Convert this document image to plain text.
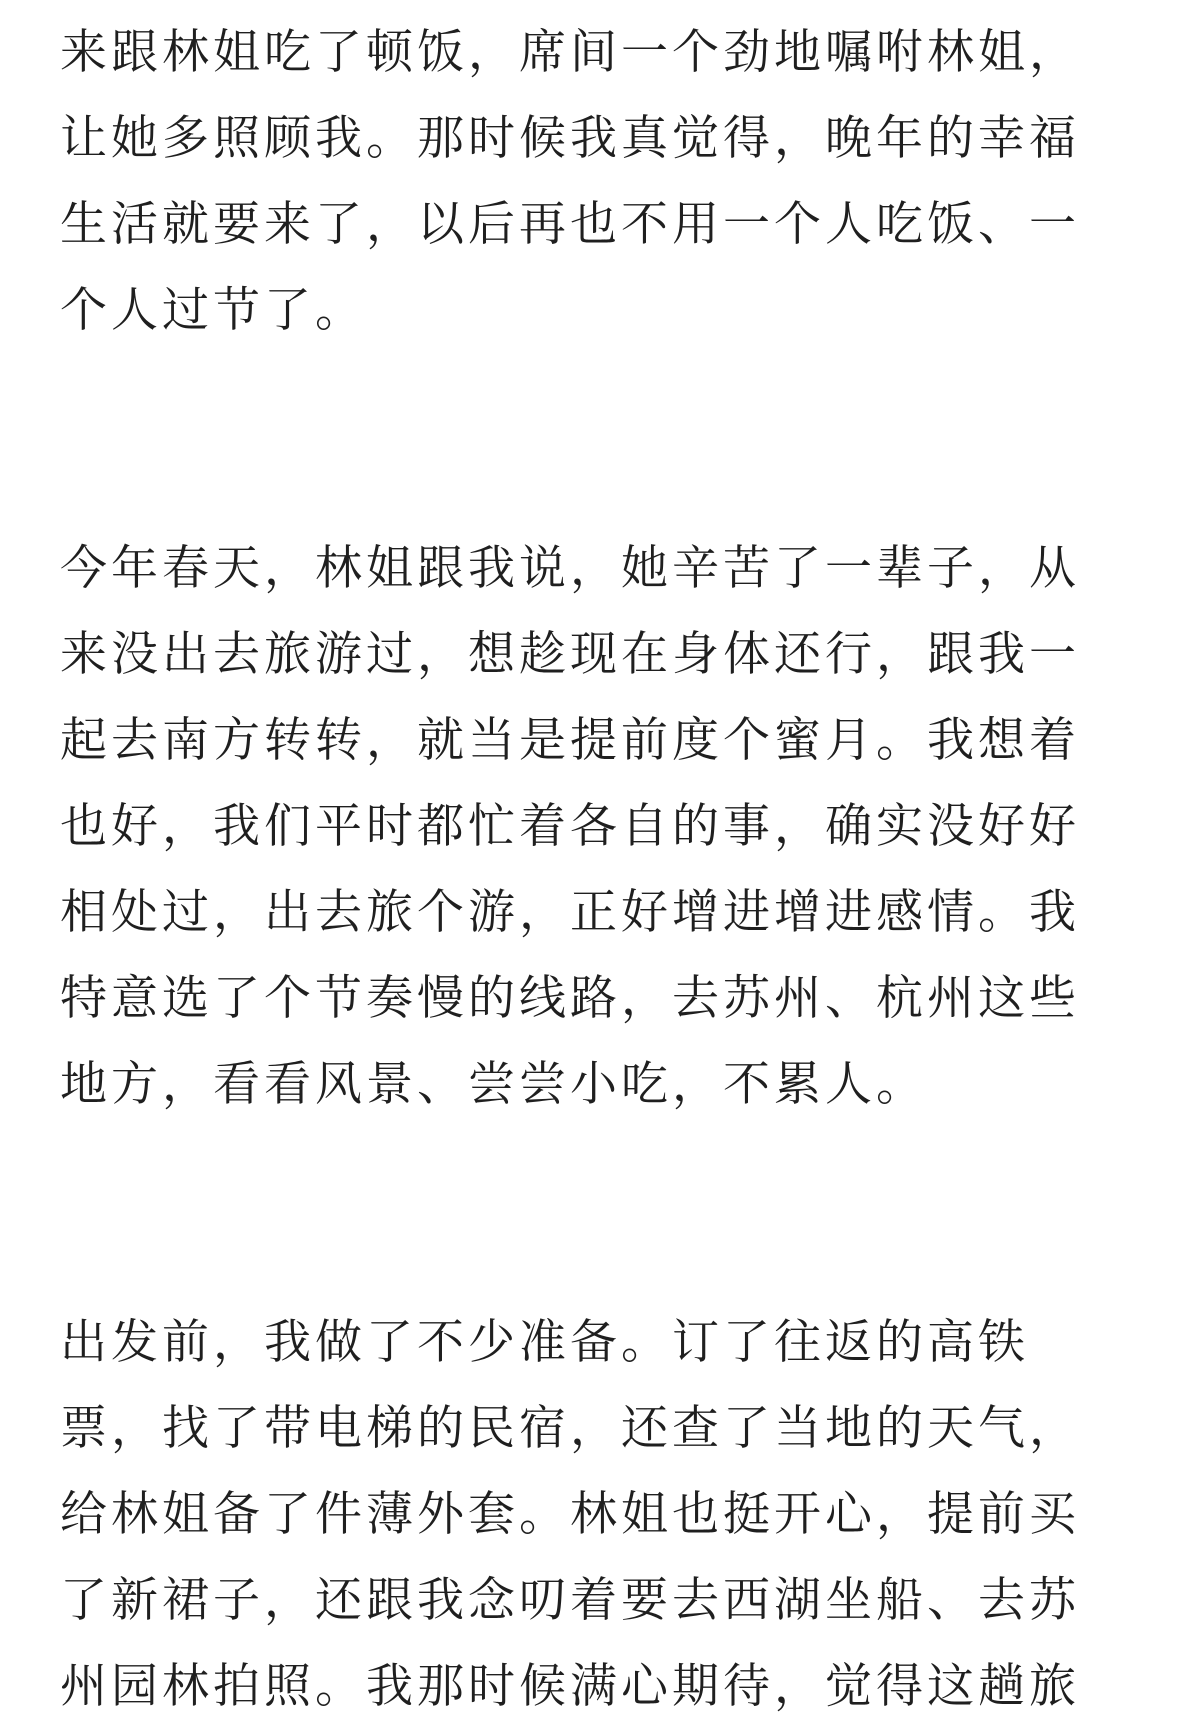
来跟林姐吃了顿饭，席间一个劲地嘱咐林姐，
让她多照顾我。那时候我真觉得，晚年的幸福
生活就要来了，以后再也不用一个人吃饭、一
个人过节了。
今年春天，林姐跟我说，她辛苦了一辈子，从
来没出去旅游过，想趁现在身体还行，跟我一
起去南方转转，就当是提前度个蜜月。我想着
也好，我们平时都忙着各自的事，确实没好好
相处过，出去旅个游，正好增进增进感情。我
特意选了个节奏慢的线路，去苏州、杭州这些
地方，看看风景、尝尝小吃，不累人。
出发前，我做了不少准备。订了往返的高铁
票，找了带电梯的民宿，还查了当地的天气，
给林姐备了件薄外套。林姐也挺开心，提前买
了新裙子，还跟我念叨着要去西湖坐船、去苏
州园林拍照。我那时候满心期待，觉得这趟旅
